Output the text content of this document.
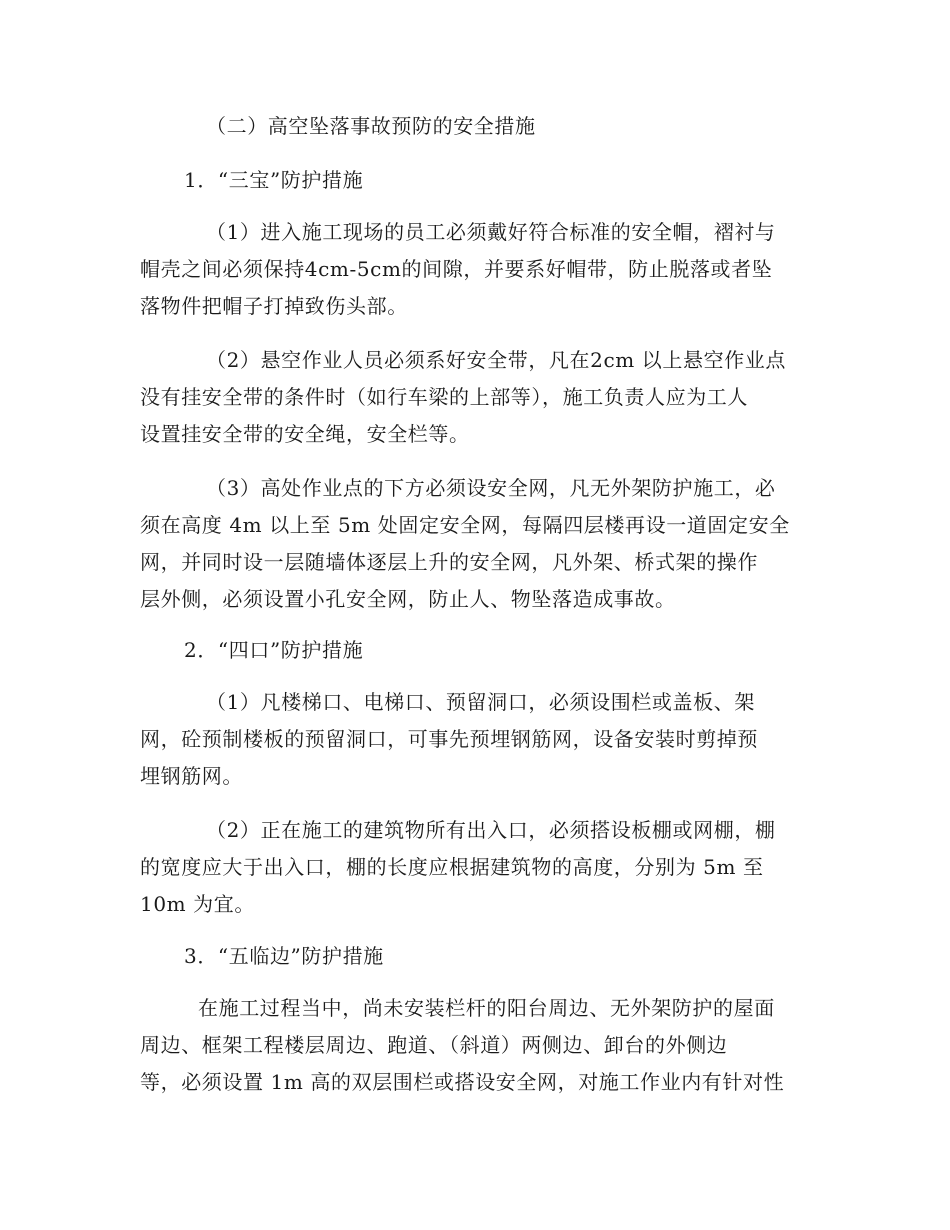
（二）高空坠落事故预防的安全措施
1．“三宝”防护措施
（1）进入施工现场的员工必须戴好符合标准的安全帽，褶衬与
帽壳之间必须保持4cm-5cm的间隙，并要系好帽带，防止脱落或者坠
落物件把帽子打掉致伤头部。
（2）悬空作业人员必须系好安全带，凡在2cm 以上悬空作业点
没有挂安全带的条件时（如行车梁的上部等），施工负责人应为工人
设置挂安全带的安全绳，安全栏等。
（3）高处作业点的下方必须设安全网，凡无外架防护施工，必
须在高度 4m 以上至 5m 处固定安全网，每隔四层楼再设一道固定安全
网，并同时设一层随墙体逐层上升的安全网，凡外架、桥式架的操作
层外侧，必须设置小孔安全网，防止人、物坠落造成事故。
2．“四口”防护措施
（1）凡楼梯口、电梯口、预留洞口，必须设围栏或盖板、架
网，砼预制楼板的预留洞口，可事先预埋钢筋网，设备安装时剪掉预
埋钢筋网。
（2）正在施工的建筑物所有出入口，必须搭设板棚或网棚，棚
的宽度应大于出入口，棚的长度应根据建筑物的高度，分别为 5m 至
10m 为宜。
3．“五临边”防护措施
在施工过程当中，尚未安装栏杆的阳台周边、无外架防护的屋面
周边、框架工程楼层周边、跑道、（斜道）两侧边、卸台的外侧边
等，必须设置 1m 高的双层围栏或搭设安全网，对施工作业内有针对性
